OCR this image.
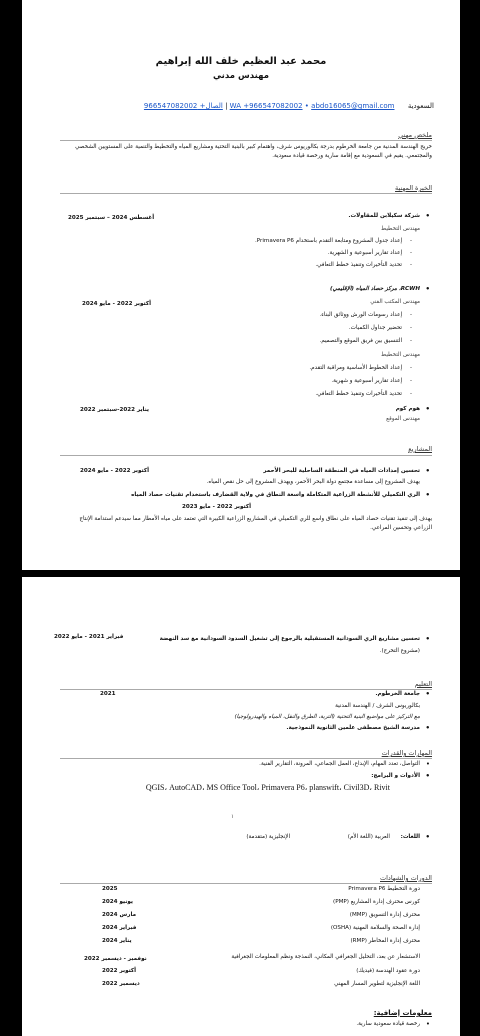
محمد عبد العظيم خلف الله إبراهيم
مهندس مدني
السعودية      WA +966547082002 • abdo16065@gmail.com | الصال+ 966547082002
ملخص مهني
خريج الهندسة المدنية من جامعة الخرطوم بدرجة بكالوريوس شرف، واهتمام كبير بالبنية التحتية ومشاريع المياه والتخطيط والتنمية على المستويين الشخصي والمجتمعي. يقيم في السعودية مع إقامة سارية ورخصة قيادة سعودية.
الخبرة المهنية
• شركة سكيلابن للمقاولات.
أغسطس 2024 – سبتمبر 2025
مهندس التخطيط
- إعداد جدول المشروع ومتابعة التقدم باستخدام Primavera P6.
- إعداد تقارير أسبوعية و الشهرية.
- تحديد التأخيرات وتنفيذ خطط التعافي.
• RCWH، مركز حصاد المياه (الإقليمي)
أكتوبر 2022 - مايو 2024	مهندس المكتب الفني
- إعداد رسومات الورش ووثائق البناء.
- تحضير جداول الكميات.
- التنسيق بين فريق الموقع والتصميم.
مهندس التخطيط
- إعداد الخطوط الأساسية ومراقبة التقدم.
- إعداد تقارير أسبوعية و شهرية.
- تحديد التأخيرات وتنفيذ خطط التعافي.
• هوم كوم
يناير 2022-سبتمبر 2022
مهندس الموقع
المشاريع
• تحسين إمدادات المياه في المنطقة الساحلية للبحر الأحمر
أكتوبر 2022 - مايو 2024
يهدف المشروع إلى مساعدة مجتمع دولة البحر الأحمر، ويهدف المشروع إلى حل نقص المياه.
• الري التكميلي للأنشطة الزراعية المتكاملة واسعة النطاق في ولاية القضارف باستخدام تقنيات حصاد المياه
أكتوبر 2022 - مايو 2023
يهدف إلى تنفيذ تقنيات حصاد المياه على نطاق واسع للري التكميلي في المشاريع الزراعية الكبيرة التي تعتمد على مياه الأمطار مما سيدعم استدامة الإنتاج الزراعي وتحسين المراعي.
• تحسين مشاريع الري السودانية المستقبلية بالرجوع إلى تشغيل السدود السودانية مع سد النهضة
فبراير 2021 - مايو 2022
(مشروع التخرج).
التعليم
• جامعة الخرطوم.
2021
بكالوريوس الشرف / الهندسة المدنية
مع التركيز على مواضيع البنية التحتية (التربة، الطرق والنقل، المياه والهيدرولوجيا)
• مدرسة الشيخ مصطفى علمين الثانوية النموذجية.
المهارات والقدرات
• التواصل، تعدد المهام، الإبداع، العمل الجماعي، المرونة، التقارير الفنية.
• الأدوات و البرامج:
QGIS، AutoCAD، MS Office Tool، Primavera P6، planswift، Civil3D، Rivit
۱
• اللغات:
العربية (اللغة الأم)
الإنجليزية (متقدمة)
الدورات والشهادات
دورة التخطيط Primavera P6
2025
كورس محترف إدارة المشاريع (PMP)
يونيو 2024
محترف إدارة التسويق (MMP)
مارس 2024
إدارة الصحة والسلامة المهنية (OSHA)
فبراير 2024
محترف إدارة المخاطر (RMP)
يناير 2024
الاستشعار عن بعد، التحليل الجغرافي المكاني، النمذجة ونظم المعلومات الجغرافية
نوفمبر - ديسمبر 2022
دورة عقود الهندسة (فيديك)
أكتوبر 2022
اللغة الإنجليزية لتطوير المسار المهني
ديسمبر 2022
معلومات إضافية:
• رخصة قيادة سعودية سارية.
